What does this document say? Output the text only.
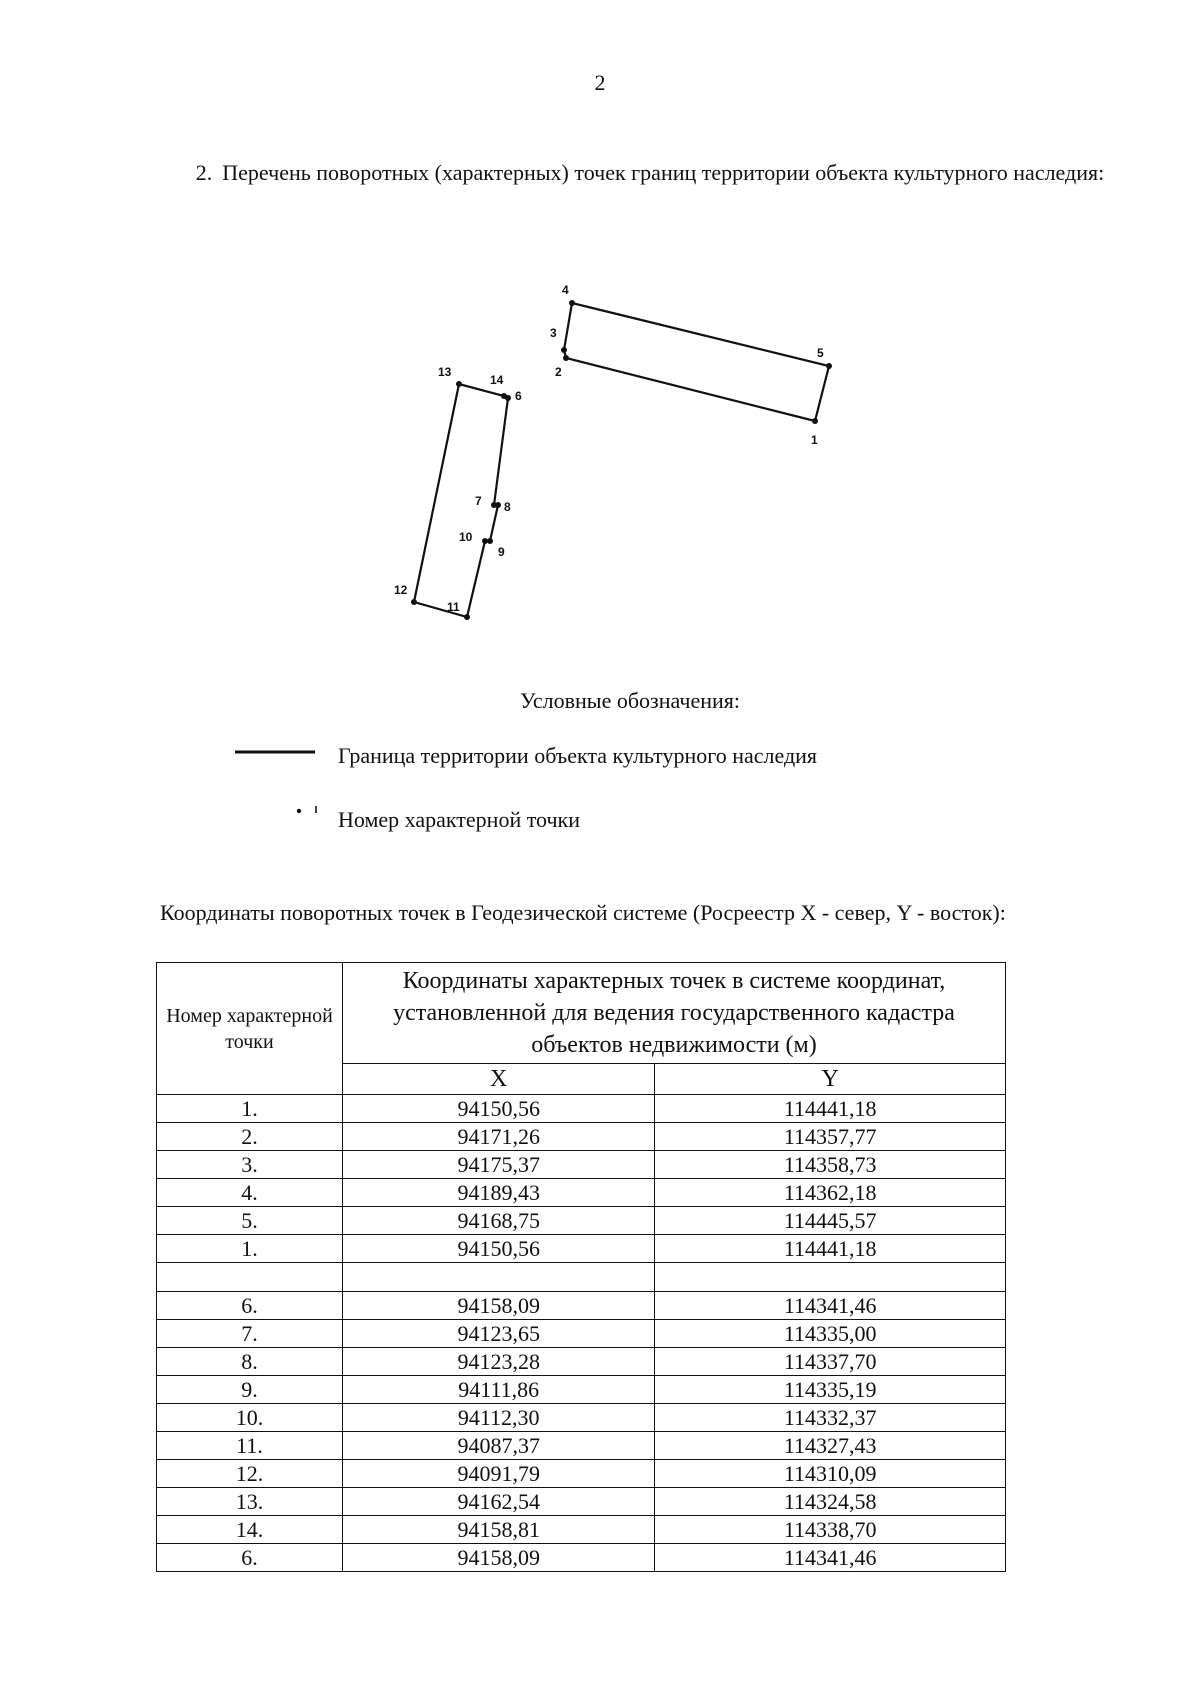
2
2. Перечень поворотных (характерных) точек границ территории объекта культурного наследия:
1
2
3
4
5
6
7 8
9
10
11
12
13
14
Условные обозначения:
Граница территории объекта культурного наследия
Номер характерной точки
Координаты поворотных точек в Геодезической системе (Росреестр X - север, Y - восток):
Номер характерной точки	Координаты характерных точек в системе координат, установленной для ведения государственного кадастра объектов недвижимости (м)	
	X	Y
1.	94150,56	114441,18
2.	94171,26	114357,77
3.	94175,37	114358,73
4.	94189,43	114362,18
5.	94168,75	114445,57
1.	94150,56	114441,18

6.	94158,09	114341,46
7.	94123,65	114335,00
8.	94123,28	114337,70
9.	94111,86	114335,19
10.	94112,30	114332,37
11.	94087,37	114327,43
12.	94091,79	114310,09
13.	94162,54	114324,58
14.	94158,81	114338,70
6.	94158,09	114341,46
